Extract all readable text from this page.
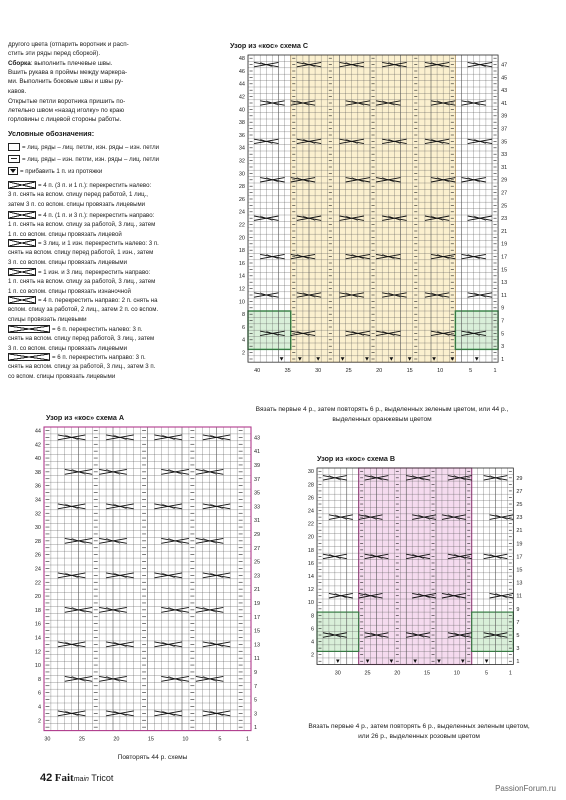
другого цвета (отпарить воротник и расп-
стить эти ряды перед сборкой).
Сборка: выполнить плечевые швы.
Вшить рукава в проймы между маркера-
ми. Выполнить боковые швы и швы ру-
кавов.
Открытые петли воротника пришить по-
летельно швом «назад иголку» по краю
горловины с лицевой стороны работы.
Условные обозначения:
= лиц. ряды – лиц. петли, изн. ряды – изн. петли
= лиц. ряды – изн. петли, изн. ряды – лиц. петли
= прибавить 1 п. из протяжки
= 4 п. (3 п. и 1 п.): перекрестить налево:
3 п. снять на вспом. спицу перед работой, 1 лиц.,
затем 3 п. со вспом. спицы провязать лицевыми
= 4 п. (1 п. и 3 п.): перекрестить направо:
1 п. снять на вспом. спицу за работой, 3 лиц., затем
1 п. со вспом. спицы провязать лицевой
= 3 лиц. и 1 изн. перекрестить налево: 3 п.
снять на вспом. спицу перед работой, 1 изн., затем
3 п. со вспом. спицы провязать лицевыми
= 1 изн. и 3 лиц. перекрестить направо:
1 п. снять на вспом. спицу за работой, 3 лиц., затем
1 п. со вспом. спицы провязать изнаночной
= 4 п. перекрестить направо: 2 п. снять на
вспом. спицу за работой, 2 лиц., затем 2 п. со вспом.
спицы провязать лицевыми
= 6 п. перекрестить налево: 3 п.
снять на вспом. спицу перед работой, 3 лиц., затем
3 п. со вспом. спицы провязать лицевыми
= 6 п. перекрестить направо: 3 п.
снять на вспом. спицу за работой, 3 лиц., затем 3 п.
со вспом. спицы провязать лицевыми
Узор из «кос» схема С
48
46
44
42
40
38
36
34
32
30
28
26
24
22
20
18
16
14
12
10
8
6
4
2
47
45
43
41
39
37
35
33
31
29
27
25
23
21
19
17
15
13
11
9
7
5
3
1
40	35	30	25	20	15	10	5	1
Вязать первые 4 р., затем повторять 6 р., выделенных зеленым цветом, или 44 р.,
выделенных оранжевым цветом
Узор из «кос» схема А
44
42
40
38
36
34
32
30
28
26
24
22
20
18
16
14
12
10
8
6
4
2
43
41
39
37
35
33
31
29
27
25
23
21
19
17
15
13
11
9
7
5
3
1
30	25	20	15	10	5	1
Повторять 44 р. схемы
Узор из «кос» схема В
30
28
26
24
22
20
18
16
14
12
10
8
6
4
2
29
27
25
23
21
19
17
15
13
11
9
7
5
3
1
30	25	20	15	10	5	1
Вязать первые 4 р., затем повторять 6 р., выделенных зеленым цветом,
или 26 р., выделенных розовым цветом
42 Faitmain Tricot
PassionForum.ru
